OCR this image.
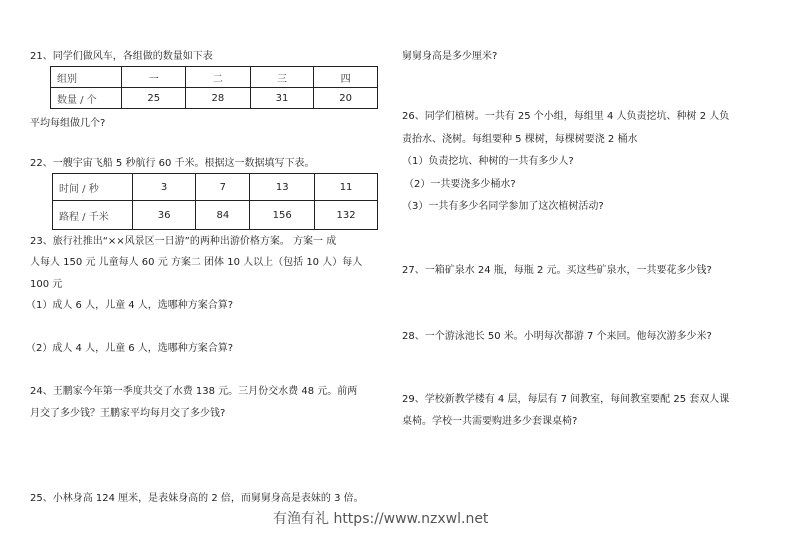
21、同学们做风车，各组做的数量如下表
组别	一	二	三	四
数量 / 个	25	28	31	20
平均每组做几个?
22、一艘宇宙飞船 5 秒航行 60 千米。根据这一数据填写下表。
时间 / 秒	3	7	13	11
路程 / 千米	36	84	156	132
23、旅行社推出“××风景区一日游”的两种出游价格方案。 方案一 成
人每人 150 元 儿童每人 60 元 方案二 团体 10 人以上（包括 10 人）每人
100 元
（1）成人 6 人，儿童 4 人，选哪种方案合算?
（2）成人 4 人，儿童 6 人，选哪种方案合算?
24、王鹏家今年第一季度共交了水费 138 元。三月份交水费 48 元。前两
月交了多少钱？王鹏家平均每月交了多少钱?
25、小林身高 124 厘米，是表妹身高的 2 倍，而舅舅身高是表妹的 3 倍。
舅舅身高是多少厘米?
26、同学们植树。一共有 25 个小组，每组里 4 人负责挖坑、种树 2 人负
责抬水、浇树。每组要种 5 棵树，每棵树要浇 2 桶水
（1）负责挖坑、种树的一共有多少人?
（2）一共要浇多少桶水?
（3）一共有多少名同学参加了这次植树活动?
27、一箱矿泉水 24 瓶，每瓶 2 元。买这些矿泉水，一共要花多少钱?
28、一个游泳池长 50 米。小明每次都游 7 个来回。他每次游多少米?
29、学校新教学楼有 4 层，每层有 7 间教室，每间教室要配 25 套双人课
桌椅。学校一共需要购进多少套课桌椅?
有渔有礼 https://www.nzxwl.net
